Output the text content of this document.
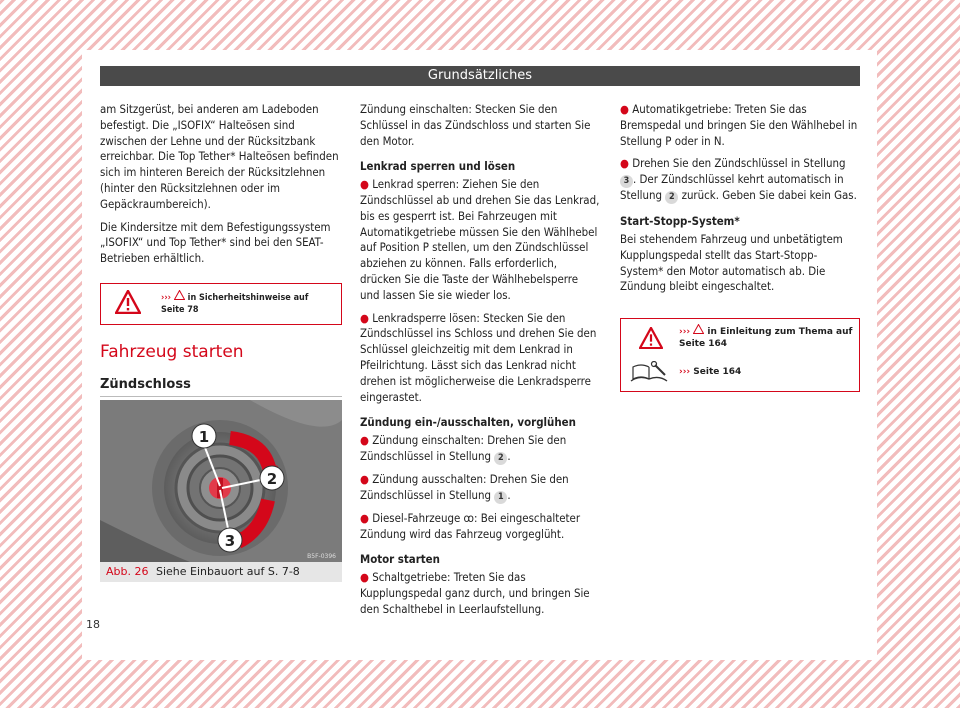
Grundsätzliches

am Sitzgerüst, bei anderen am Ladeboden befestigt. Die „ISOFIX“ Halteösen sind zwischen der Lehne und der Rücksitzbank erreichbar. Die Top Tether* Halteösen befinden sich im hinteren Bereich der Rücksitzlehnen (hinter den Rücksitzlehnen oder im Gepäckraumbereich).

Die Kindersitze mit dem Befestigungssystem „ISOFIX“ und Top Tether* sind bei den SEAT-Betrieben erhältlich.

››› in Sicherheitshinweise auf
Seite 78
Fahrzeug starten
Zündschloss
1
2
3
B5F-0396
Abb. 26 Siehe Einbauort auf S. 7-8

Zündung einschalten: Stecken Sie den Schlüssel in das Zündschloss und starten Sie den Motor.

Lenkrad sperren und lösen

● Lenkrad sperren: Ziehen Sie den Zündschlüssel ab und drehen Sie das Lenkrad, bis es gesperrt ist. Bei Fahrzeugen mit Automatikgetriebe müssen Sie den Wählhebel auf Position P stellen, um den Zündschlüssel abziehen zu können. Falls erforderlich, drücken Sie die Taste der Wählhebelsperre und lassen Sie sie wieder los.

● Lenkradsperre lösen: Stecken Sie den Zündschlüssel ins Schloss und drehen Sie den Schlüssel gleichzeitig mit dem Lenkrad in Pfeilrichtung. Lässt sich das Lenkrad nicht drehen ist möglicherweise die Lenkradsperre eingerastet.

Zündung ein-/ausschalten, vorglühen

● Zündung einschalten: Drehen Sie den Zündschlüssel in Stellung 2 .

● Zündung ausschalten: Drehen Sie den Zündschlüssel in Stellung 1 .

● Diesel-Fahrzeuge ꝏ: Bei eingeschalteter Zündung wird das Fahrzeug vorgeglüht.

Motor starten

● Schaltgetriebe: Treten Sie das Kupplungspedal ganz durch, und bringen Sie den Schalthebel in Leerlaufstellung.

● Automatikgetriebe: Treten Sie das Bremspedal und bringen Sie den Wählhebel in Stellung P oder in N.

● Drehen Sie den Zündschlüssel in Stellung 3 . Der Zündschlüssel kehrt automatisch in Stellung 2 zurück. Geben Sie dabei kein Gas.

Start-Stopp-System*

Bei stehendem Fahrzeug und unbetätigtem Kupplungspedal stellt das Start-Stopp-System* den Motor automatisch ab. Die Zündung bleibt eingeschaltet.

››› in Einleitung zum Thema auf
Seite 164
››› Seite 164
18
